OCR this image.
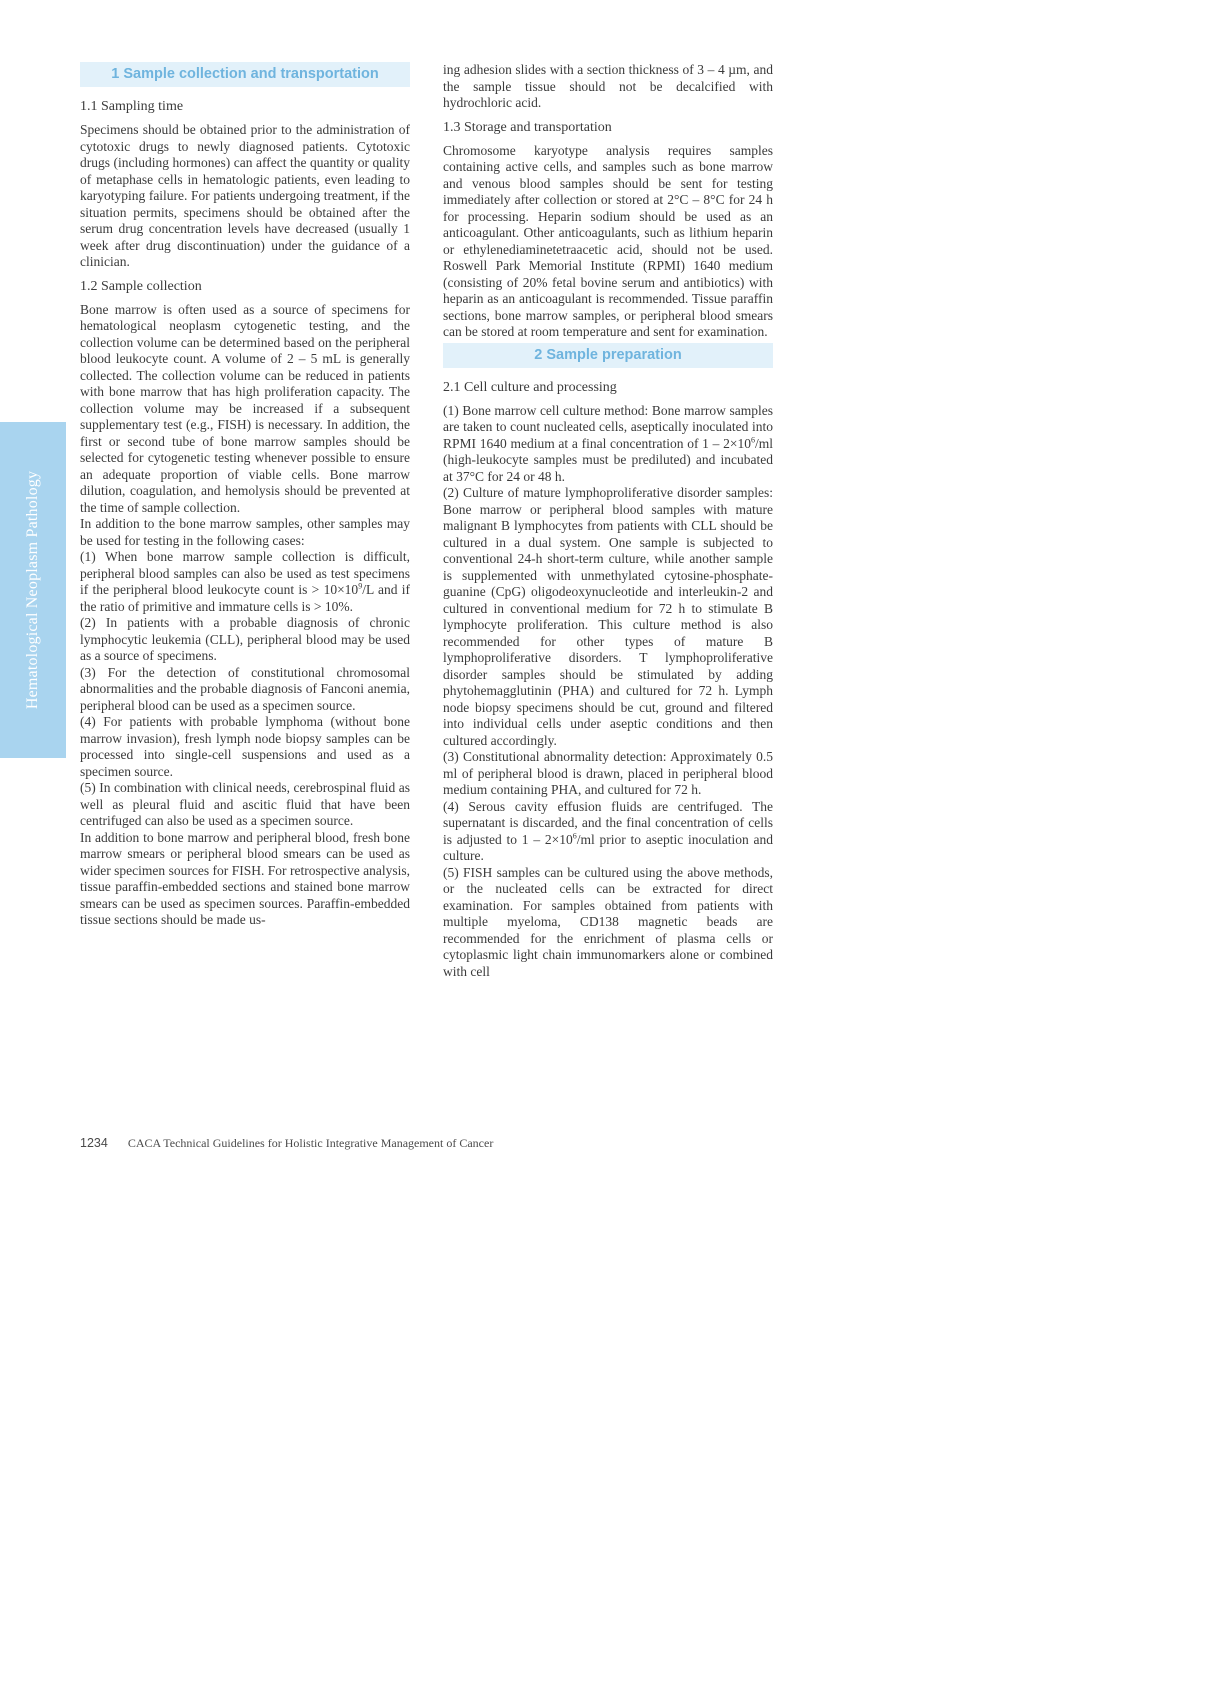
Hematological Neoplasm Pathology
1 Sample collection and transportation
1.1 Sampling time

Specimens should be obtained prior to the administration of cytotoxic drugs to newly diagnosed patients. Cytotoxic drugs (including hormones) can affect the quantity or quality of metaphase cells in hematologic patients, even leading to karyotyping failure. For patients undergoing treatment, if the situation permits, specimens should be obtained after the serum drug concentration levels have decreased (usually 1 week after drug discontinuation) under the guidance of a clinician.

1.2 Sample collection

Bone marrow is often used as a source of specimens for hematological neoplasm cytogenetic testing, and the collection volume can be determined based on the peripheral blood leukocyte count. A volume of 2 – 5 mL is generally collected. The collection volume can be reduced in patients with bone marrow that has high proliferation capacity. The collection volume may be increased if a subsequent supplementary test (e.g., FISH) is necessary. In addition, the first or second tube of bone marrow samples should be selected for cytogenetic testing whenever possible to ensure an adequate proportion of viable cells. Bone marrow dilution, coagulation, and hemolysis should be prevented at the time of sample collection.

In addition to the bone marrow samples, other samples may be used for testing in the following cases:

(1) When bone marrow sample collection is difficult, peripheral blood samples can also be used as test specimens if the peripheral blood leukocyte count is > $10\times 10^9/L$ and if the ratio of primitive and immature cells is > 10%.

(2) In patients with a probable diagnosis of chronic lymphocytic leukemia (CLL), peripheral blood may be used as a source of specimens.

(3) For the detection of constitutional chromosomal abnormalities and the probable diagnosis of Fanconi anemia, peripheral blood can be used as a specimen source.

(4) For patients with probable lymphoma (without bone marrow invasion), fresh lymph node biopsy samples can be processed into single-cell suspensions and used as a specimen source.

(5) In combination with clinical needs, cerebrospinal fluid as well as pleural fluid and ascitic fluid that have been centrifuged can also be used as a specimen source.

In addition to bone marrow and peripheral blood, fresh bone marrow smears or peripheral blood smears can be used as wider specimen sources for FISH. For retrospective analysis, tissue paraffin-embedded sections and stained bone marrow smears can be used as specimen sources. Paraffin-embedded tissue sections should be made us-

ing adhesion slides with a section thickness of 3 – 4 µm, and the sample tissue should not be decalcified with hydrochloric acid.

1.3 Storage and transportation

Chromosome karyotype analysis requires samples containing active cells, and samples such as bone marrow and venous blood samples should be sent for testing immediately after collection or stored at 2°C – 8°C for 24 h for processing. Heparin sodium should be used as an anticoagulant. Other anticoagulants, such as lithium heparin or ethylenediaminetetraacetic acid, should not be used. Roswell Park Memorial Institute (RPMI) 1640 medium (consisting of 20% fetal bovine serum and antibiotics) with heparin as an anticoagulant is recommended. Tissue paraffin sections, bone marrow samples, or peripheral blood smears can be stored at room temperature and sent for examination.

2 Sample preparation
2.1 Cell culture and processing

(1) Bone marrow cell culture method: Bone marrow samples are taken to count nucleated cells, aseptically inoculated into RPMI 1640 medium at a final concentration of $1 - 2\times 10^6/ml$ (high-leukocyte samples must be prediluted) and incubated at 37°C for 24 or 48 h.

(2) Culture of mature lymphoproliferative disorder samples: Bone marrow or peripheral blood samples with mature malignant B lymphocytes from patients with CLL should be cultured in a dual system. One sample is subjected to conventional 24-h short-term culture, while another sample is supplemented with unmethylated cytosine-phosphate-guanine (CpG) oligodeoxynucleotide and interleukin-2 and cultured in conventional medium for 72 h to stimulate B lymphocyte proliferation. This culture method is also recommended for other types of mature B lymphoproliferative disorders. T lymphoproliferative disorder samples should be stimulated by adding phytohemagglutinin (PHA) and cultured for 72 h. Lymph node biopsy specimens should be cut, ground and filtered into individual cells under aseptic conditions and then cultured accordingly.

(3) Constitutional abnormality detection: Approximately 0.5 ml of peripheral blood is drawn, placed in peripheral blood medium containing PHA, and cultured for 72 h.

(4) Serous cavity effusion fluids are centrifuged. The supernatant is discarded, and the final concentration of cells is adjusted to $1 - 2\times 10^6/ml$ prior to aseptic inoculation and culture.

(5) FISH samples can be cultured using the above methods, or the nucleated cells can be extracted for direct examination. For samples obtained from patients with multiple myeloma, CD138 magnetic beads are recommended for the enrichment of plasma cells or cytoplasmic light chain immunomarkers alone or combined with cell

1234 CACA Technical Guidelines for Holistic Integrative Management of Cancer
